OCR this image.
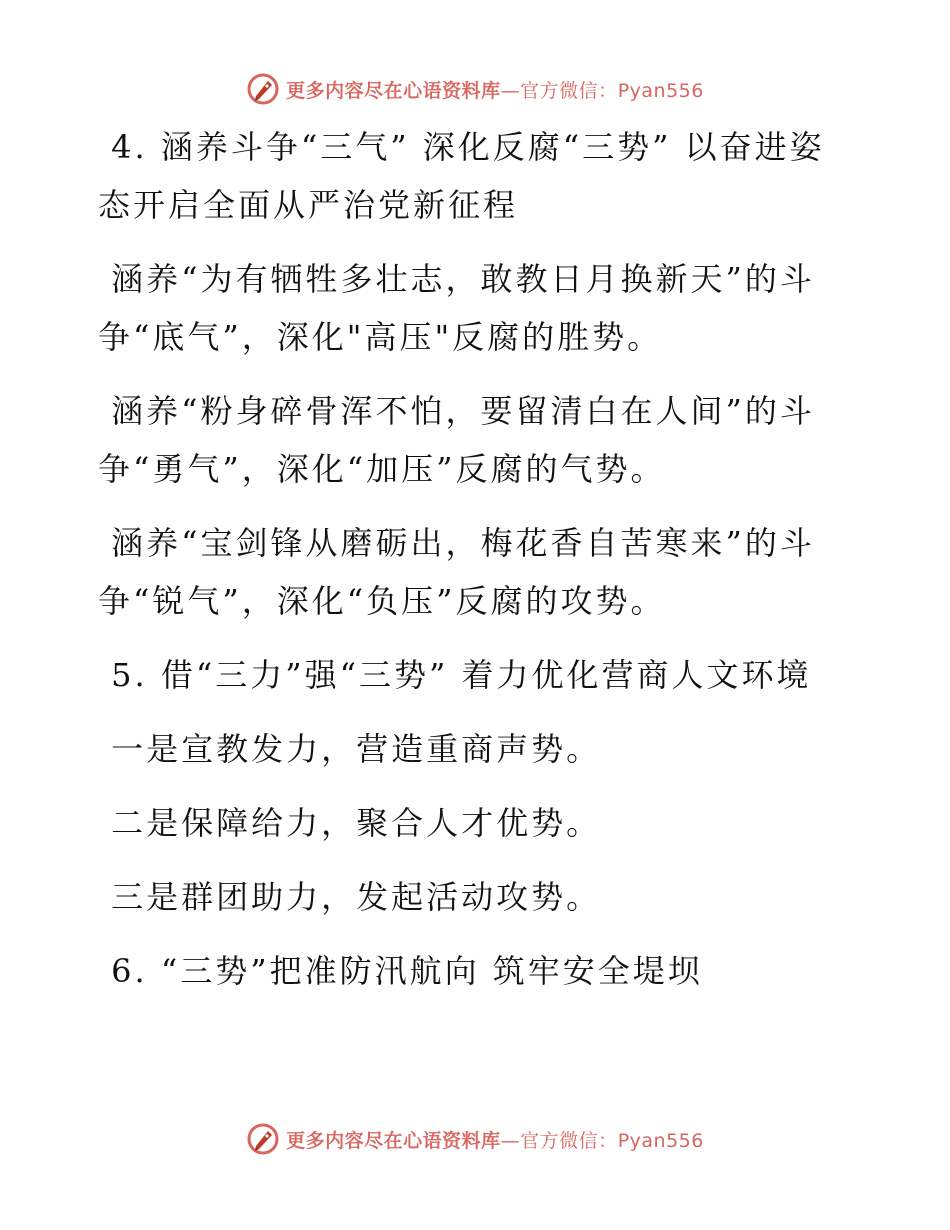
更多内容尽在心语资料库—官方微信：Pyan556

4. 涵养斗争“三气” 深化反腐“三势” 以奋进姿态开启全面从严治党新征程

涵养“为有牺牲多壮志，敢教日月换新天”的斗争“底气”，深化"高压"反腐的胜势。

涵养“粉身碎骨浑不怕，要留清白在人间”的斗争“勇气”，深化“加压”反腐的气势。

涵养“宝剑锋从磨砺出，梅花香自苦寒来”的斗争“锐气”，深化“负压”反腐的攻势。

5. 借“三力”强“三势” 着力优化营商人文环境

一是宣教发力，营造重商声势。

二是保障给力，聚合人才优势。

三是群团助力，发起活动攻势。

6. “三势”把准防汛航向 筑牢安全堤坝

更多内容尽在心语资料库—官方微信：Pyan556
